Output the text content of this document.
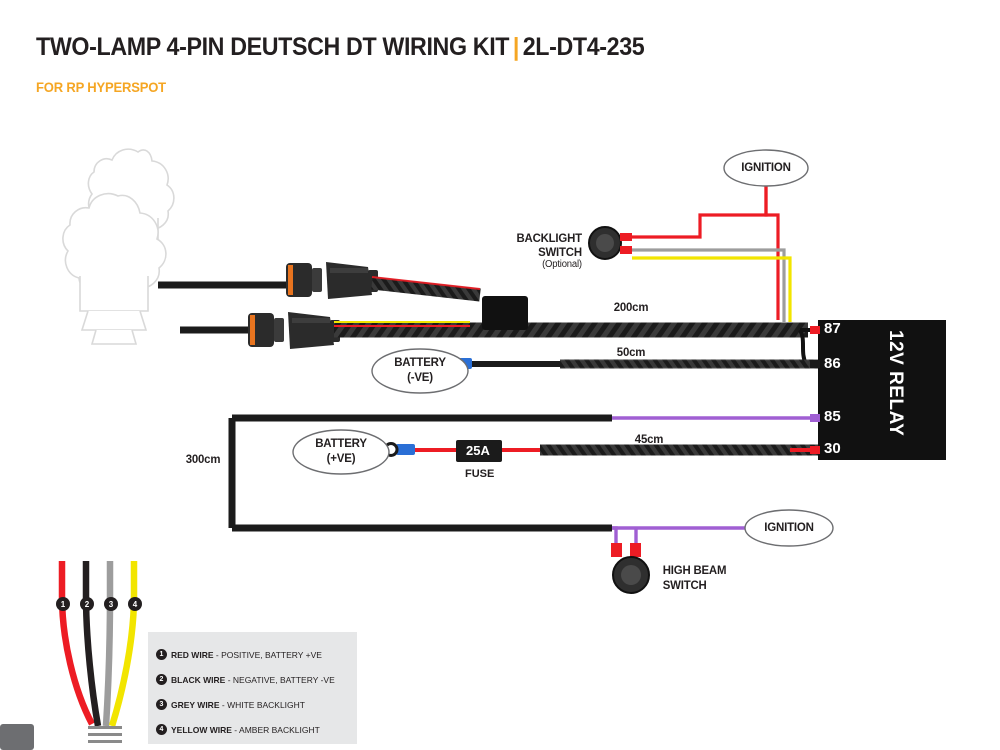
TWO-LAMP 4-PIN DEUTSCH DT WIRING KIT | 2L-DT4-235
FOR RP HYPERSPOT
IGNITION
BATTERY
(-VE)
BATTERY
(+VE)
IGNITION
BACKLIGHT
SWITCH
(Optional)
HIGH BEAM
SWITCH
200cm
50cm
45cm
300cm
25A
FUSE
12V RELAY
87
86
85
30
1	2	3	4
1 RED WIRE - POSITIVE, BATTERY +VE
2 BLACK WIRE - NEGATIVE, BATTERY -VE
3 GREY WIRE - WHITE BACKLIGHT
4 YELLOW WIRE - AMBER BACKLIGHT
